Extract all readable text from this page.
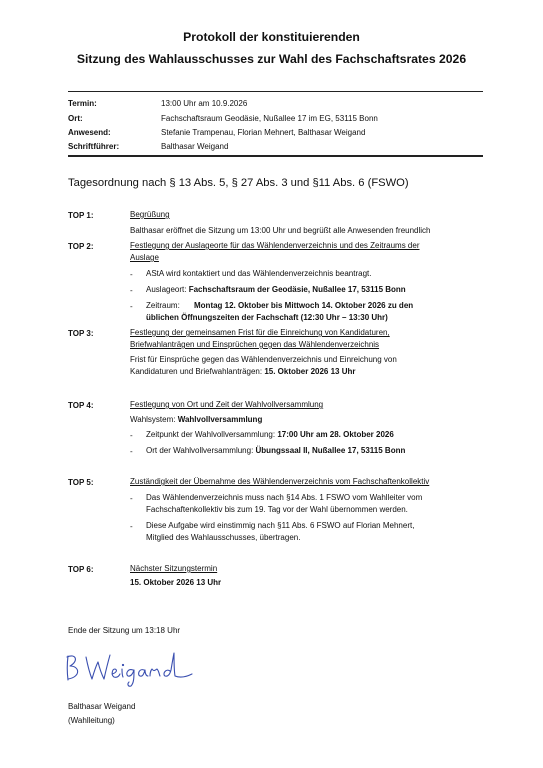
Protokoll der konstituierenden
Sitzung des Wahlausschusses zur Wahl des Fachschaftsrates 2026
Termin:	13:00 Uhr am 10.9.2026
Ort:	Fachschaftsraum Geodäsie, Nußallee 17 im EG, 53115 Bonn
Anwesend:	Stefanie Trampenau, Florian Mehnert, Balthasar Weigand
Schriftführer:	Balthasar Weigand
Tagesordnung nach § 13 Abs. 5, § 27 Abs. 3 und §11 Abs. 6 (FSWO)
TOP 1:	Begrüßung
Balthasar eröffnet die Sitzung um 13:00 Uhr und begrüßt alle Anwesenden freundlich
TOP 2:	Festlegung der Auslageorte für das Wählendenverzeichnis und des Zeitraums der
Auslage
- AStA wird kontaktiert und das Wählendenverzeichnis beantragt.
- Auslageort: Fachschaftsraum der Geodäsie, Nußallee 17, 53115 Bonn
- Zeitraum: Montag 12. Oktober bis Mittwoch 14. Oktober 2026 zu den
üblichen Öffnungszeiten der Fachschaft (12:30 Uhr – 13:30 Uhr)
TOP 3:	Festlegung der gemeinsamen Frist für die Einreichung von Kandidaturen,
Briefwahlanträgen und Einsprüchen gegen das Wählendenverzeichnis
Frist für Einsprüche gegen das Wählendenverzeichnis und Einreichung von
Kandidaturen und Briefwahlanträgen: 15. Oktober 2026 13 Uhr
TOP 4:	Festlegung von Ort und Zeit der Wahlvollversammlung
Wahlsystem: Wahlvollversammlung
- Zeitpunkt der Wahlvollversammlung: 17:00 Uhr am 28. Oktober 2026
- Ort der Wahlvollversammlung: Übungssaal II, Nußallee 17, 53115 Bonn
TOP 5:	Zuständigkeit der Übernahme des Wählendenverzeichnis vom Fachschaftenkollektiv
- Das Wählendenverzeichnis muss nach §14 Abs. 1 FSWO vom Wahlleiter vom
Fachschaftenkollektiv bis zum 19. Tag vor der Wahl übernommen werden.
- Diese Aufgabe wird einstimmig nach §11 Abs. 6 FSWO auf Florian Mehnert,
Mitglied des Wahlausschusses, übertragen.
TOP 6:	Nächster Sitzungstermin
15. Oktober 2026 13 Uhr
Ende der Sitzung um 13:18 Uhr
Balthasar Weigand
(Wahlleitung)
